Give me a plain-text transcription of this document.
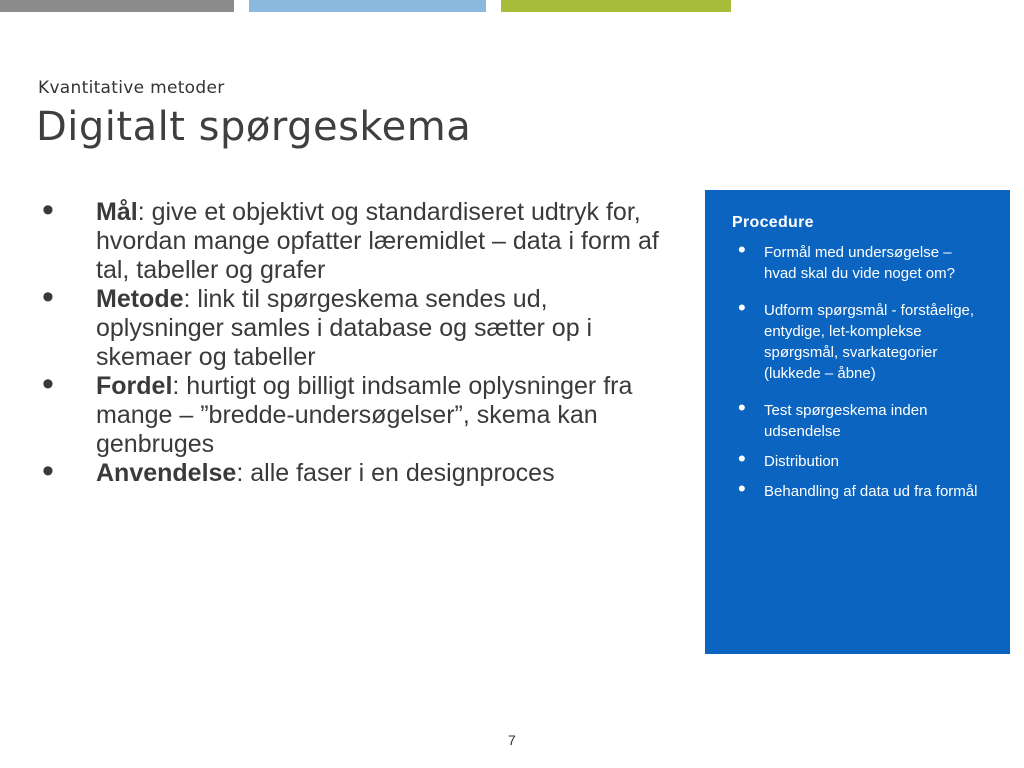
Kvantitative metoder
Digitalt spørgeskema
• Mål: give et objektivt og standardiseret udtryk for, hvordan mange opfatter læremidlet – data i form af tal, tabeller og grafer
• Metode: link til spørgeskema sendes ud, oplysninger samles i database og sætter op i skemaer og tabeller
• Fordel: hurtigt og billigt indsamle oplysninger fra mange – ”bredde-undersøgelser”, skema kan genbruges
• Anvendelse: alle faser i en designproces
Procedure
• Formål med undersøgelse – hvad skal du vide noget om?
• Udform spørgsmål - forståelige, entydige, let-komplekse spørgsmål, svarkategorier (lukkede – åbne)
• Test spørgeskema inden udsendelse
• Distribution
• Behandling af data ud fra formål
7
